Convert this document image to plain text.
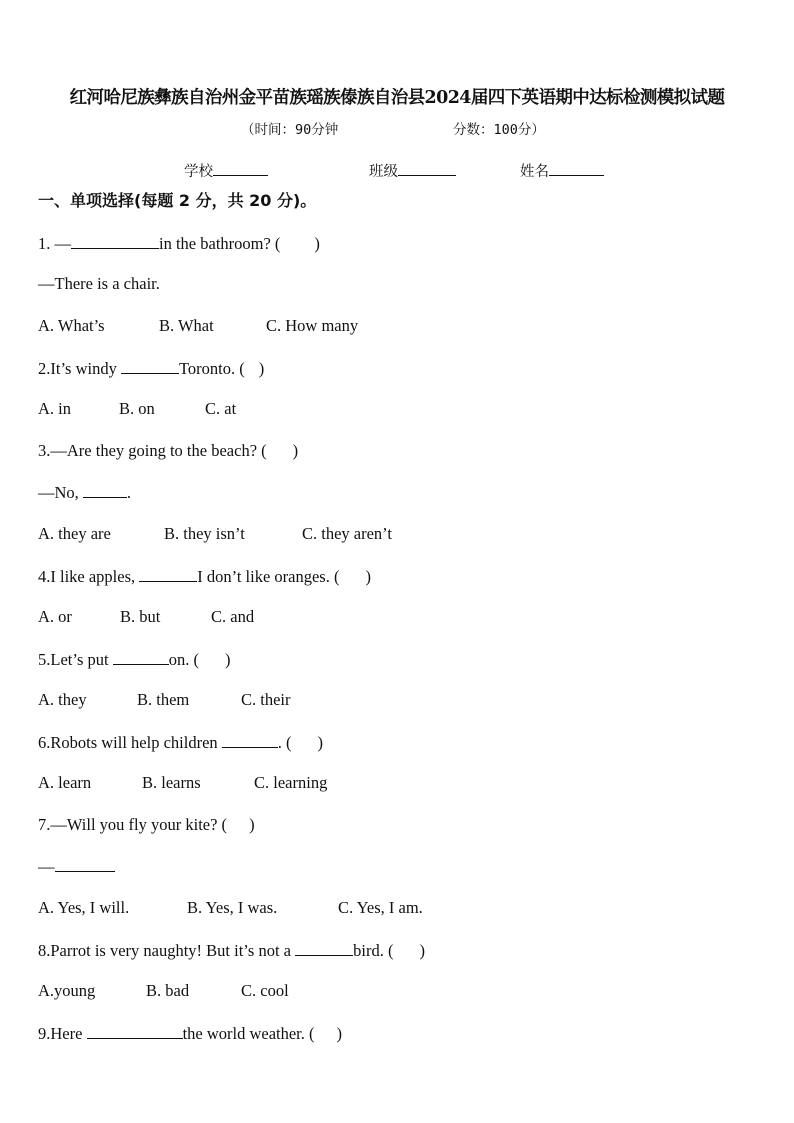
红河哈尼族彝族自治州金平苗族瑶族傣族自治县2024届四下英语期中达标检测模拟试题
（时间：90分钟	分数：100分）
学校	班级	姓名
一、单项选择(每题 2 分，共 20 分)。
1. —	in the bathroom? ( )
—There is a chair.
A. What’s	B. What	C. How many
2.It’s windy	Toronto. ( )
A. in	B. on	C. at
3.—Are they going to the beach? ( )
—No,	.
A. they are	B. they isn’t	C. they aren’t
4.I like apples,	I don’t like oranges. ( )
A. or	B. but	C. and
5.Let’s put	on. ( )
A. they	B. them	C. their
6.Robots will help children	. ( )
A. learn	B. learns	C. learning
7.—Will you fly your kite? ( )
—
A. Yes, I will.	B. Yes, I was.	C. Yes, I am.
8.Parrot is very naughty! But it’s not a	bird. ( )
A.young	B. bad	C. cool
9.Here	the world weather. ( )
